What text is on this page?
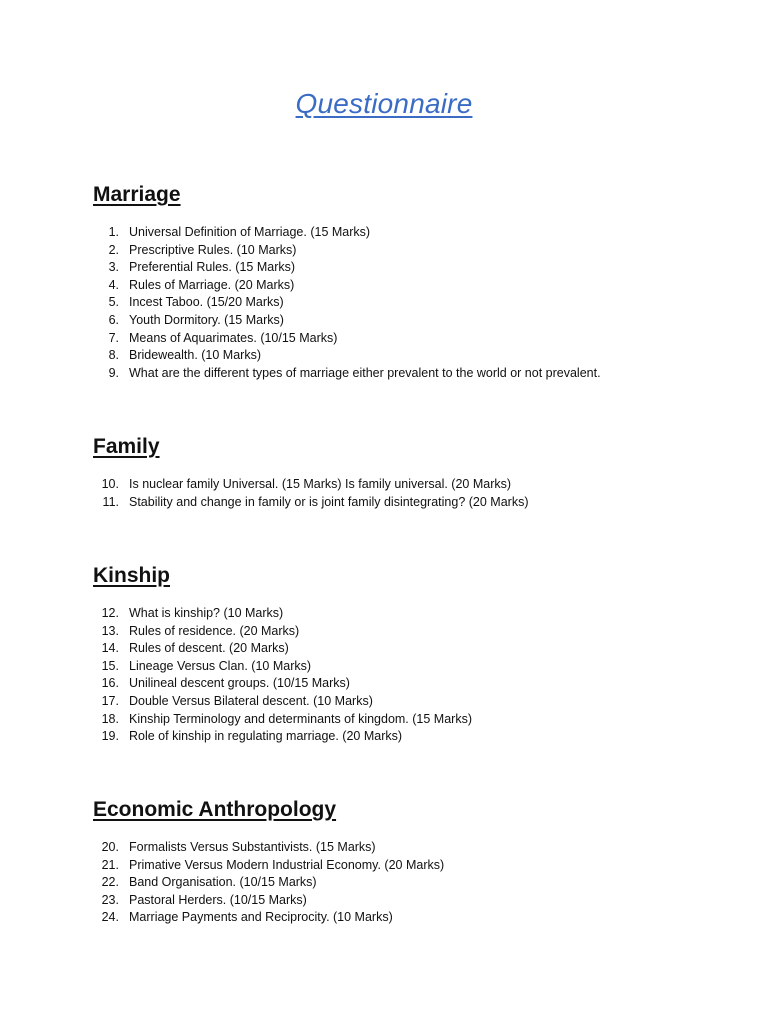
Questionnaire
Marriage
1. Universal Definition of Marriage. (15 Marks)
2. Prescriptive Rules. (10 Marks)
3. Preferential Rules. (15 Marks)
4. Rules of Marriage. (20 Marks)
5. Incest Taboo. (15/20 Marks)
6. Youth Dormitory. (15 Marks)
7. Means of Aquarimates. (10/15 Marks)
8. Bridewealth. (10 Marks)
9. What are the different types of marriage either prevalent to the world or not prevalent.
Family
10. Is nuclear family Universal. (15 Marks) Is family universal. (20 Marks)
11. Stability and change in family or is joint family disintegrating? (20 Marks)
Kinship
12. What is kinship? (10 Marks)
13. Rules of residence. (20 Marks)
14. Rules of descent. (20 Marks)
15. Lineage Versus Clan. (10 Marks)
16. Unilineal descent groups. (10/15 Marks)
17. Double Versus Bilateral descent. (10 Marks)
18. Kinship Terminology and determinants of kingdom. (15 Marks)
19. Role of kinship in regulating marriage. (20 Marks)
Economic Anthropology
20. Formalists Versus Substantivists. (15 Marks)
21. Primative Versus Modern Industrial Economy. (20 Marks)
22. Band Organisation. (10/15 Marks)
23. Pastoral Herders. (10/15 Marks)
24. Marriage Payments and Reciprocity. (10 Marks)
